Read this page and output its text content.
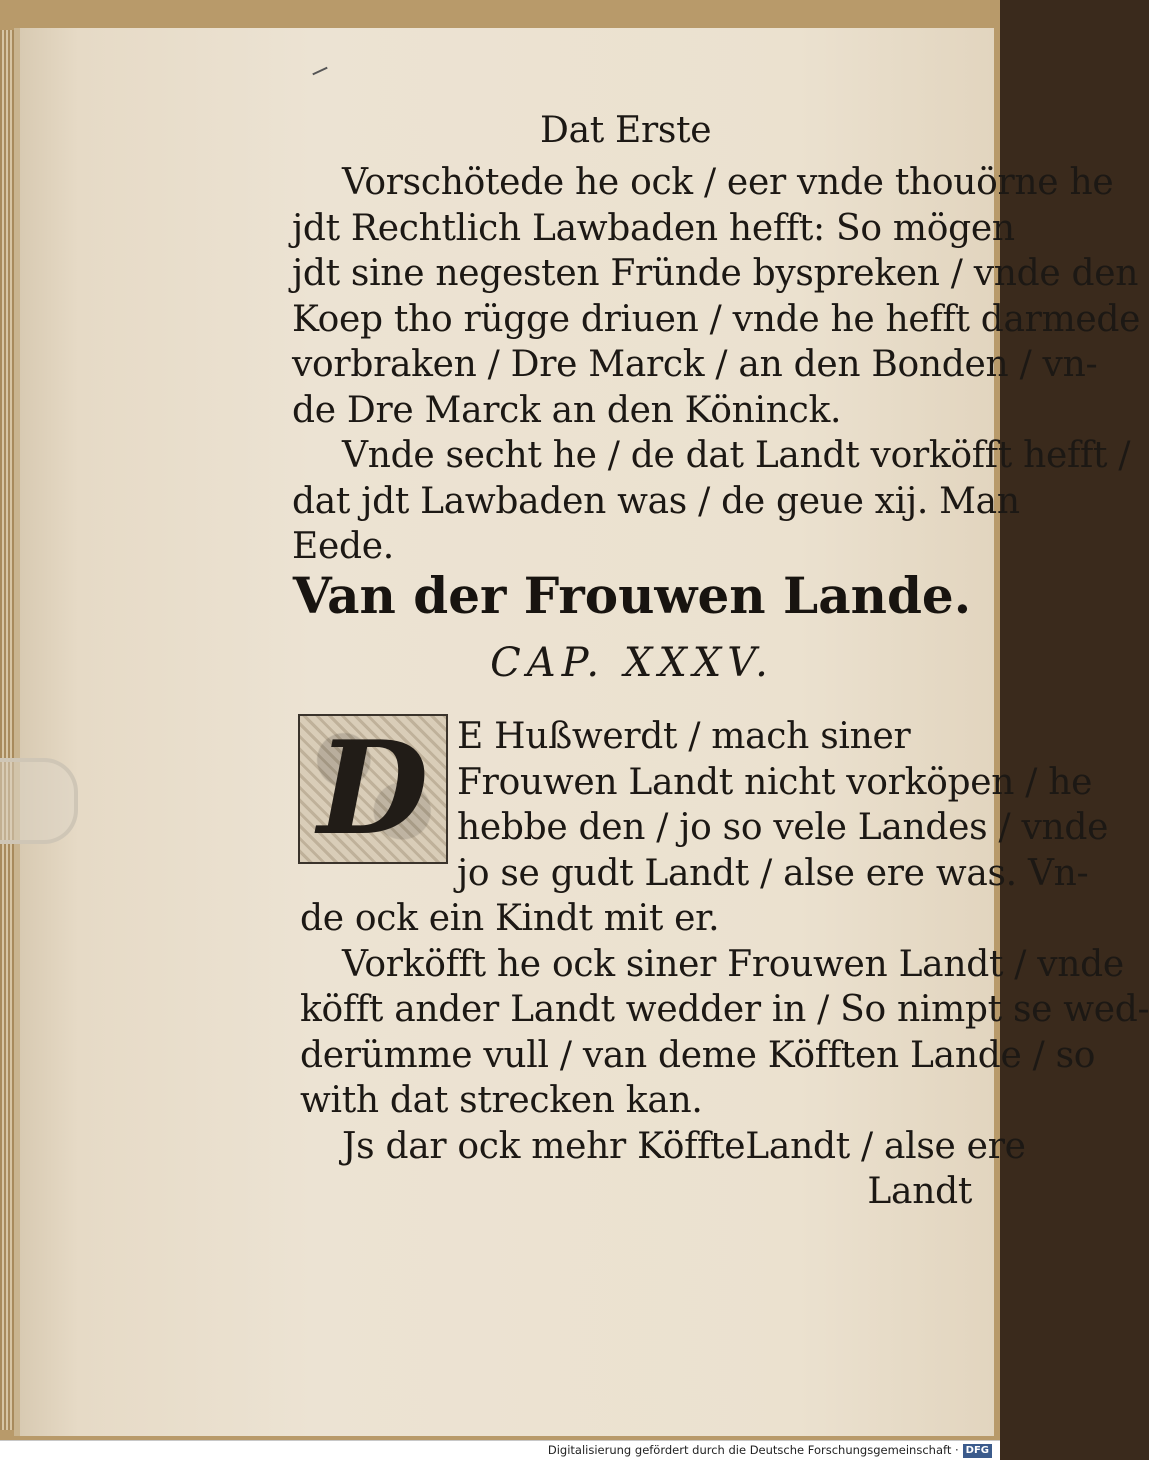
Dat Erste
Vorschötede he ock / eer vnde thouörne he
jdt Rechtlich Lawbaden hefft: So mögen
jdt sine negesten Fründe byspreken / vnde den
Koep tho rügge driuen / vnde he hefft darmede
vorbraken / Dre Marck / an den Bonden / vn-
de Dre Marck an den Köninck.
Vnde secht he / de dat Landt vorköfft hefft /
dat jdt Lawbaden was / de geue xij. Man
Eede.
Van der Frouwen Lande.
CAP. XXXV.
D E Hußwerdt / mach siner
Frouwen Landt nicht vorköpen / he
hebbe den / jo so vele Landes / vnde
jo se gudt Landt / alse ere was. Vn-
de ock ein Kindt mit er.
Vorköfft he ock siner Frouwen Landt / vnde
köfft ander Landt wedder in / So nimpt se wed-
derümme vull / van deme Köfften Lande / so
with dat strecken kan.
Js dar ock mehr KöffteLandt / alse ere
Landt
Digitalisierung gefördert durch die Deutsche Forschungsgemeinschaft · DFG
